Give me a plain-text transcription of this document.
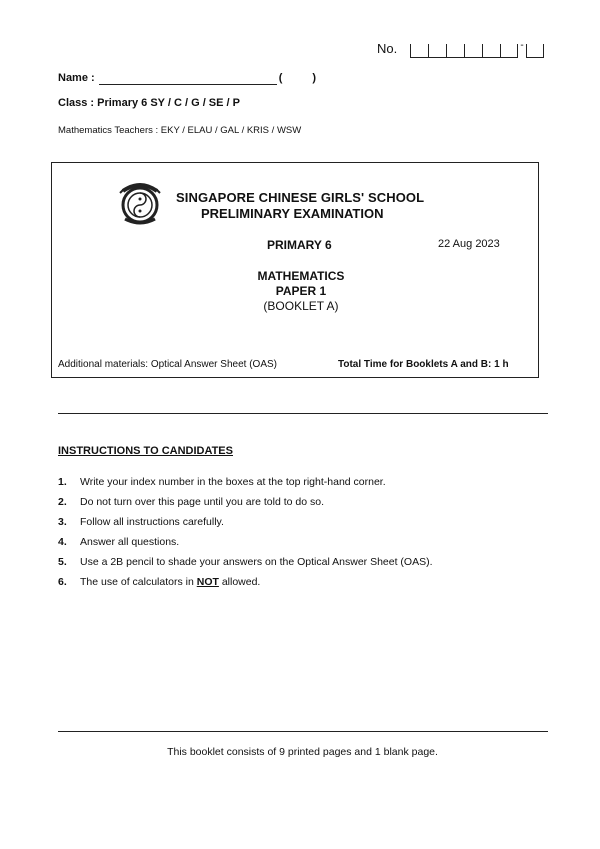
No.	-
Name :	(	)
Class : Primary 6 SY / C / G / SE / P
Mathematics Teachers : EKY / ELAU / GAL / KRIS / WSW
SINGAPORE CHINESE GIRLS' SCHOOL
PRELIMINARY EXAMINATION
PRIMARY 6	22 Aug 2023
MATHEMATICS
PAPER 1
(BOOKLET A)
Additional materials: Optical Answer Sheet (OAS)	Total Time for Booklets A and B: 1 h
INSTRUCTIONS TO CANDIDATES
1.	Write your index number in the boxes at the top right-hand corner.
2.	Do not turn over this page until you are told to do so.
3.	Follow all instructions carefully.
4.	Answer all questions.
5.	Use a 2B pencil to shade your answers on the Optical Answer Sheet (OAS).
6.	The use of calculators in NOT allowed.
This booklet consists of 9 printed pages and 1 blank page.
